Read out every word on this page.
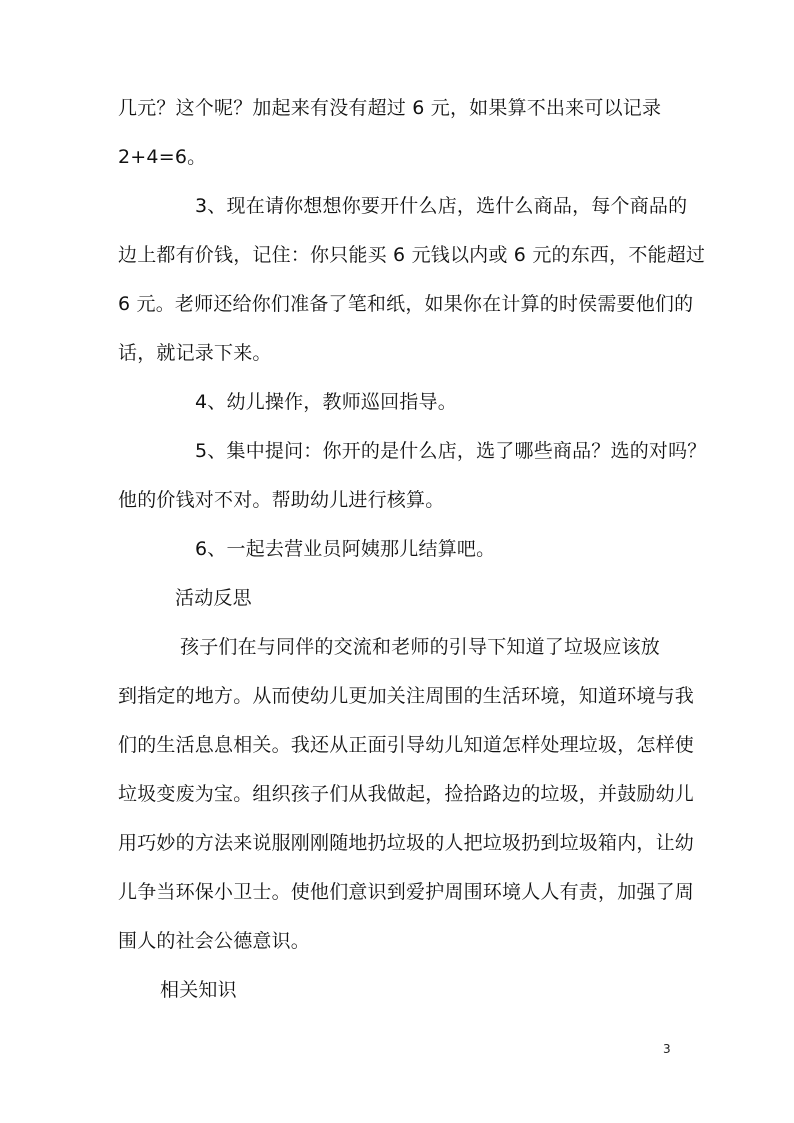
几元？这个呢？加起来有没有超过 6 元，如果算不出来可以记录
2+4=6。
3、现在请你想想你要开什么店，选什么商品，每个商品的
边上都有价钱，记住：你只能买 6 元钱以内或 6 元的东西，不能超过
6 元。老师还给你们准备了笔和纸，如果你在计算的时侯需要他们的
话，就记录下来。
4、幼儿操作，教师巡回指导。
5、集中提问：你开的是什么店，选了哪些商品？选的对吗？
他的价钱对不对。帮助幼儿进行核算。
6、一起去营业员阿姨那儿结算吧。
活动反思
孩子们在与同伴的交流和老师的引导下知道了垃圾应该放
到指定的地方。从而使幼儿更加关注周围的生活环境，知道环境与我
们的生活息息相关。我还从正面引导幼儿知道怎样处理垃圾，怎样使
垃圾变废为宝。组织孩子们从我做起，捡拾路边的垃圾，并鼓励幼儿
用巧妙的方法来说服刚刚随地扔垃圾的人把垃圾扔到垃圾箱内，让幼
儿争当环保小卫士。使他们意识到爱护周围环境人人有责，加强了周
围人的社会公德意识。
相关知识
3
